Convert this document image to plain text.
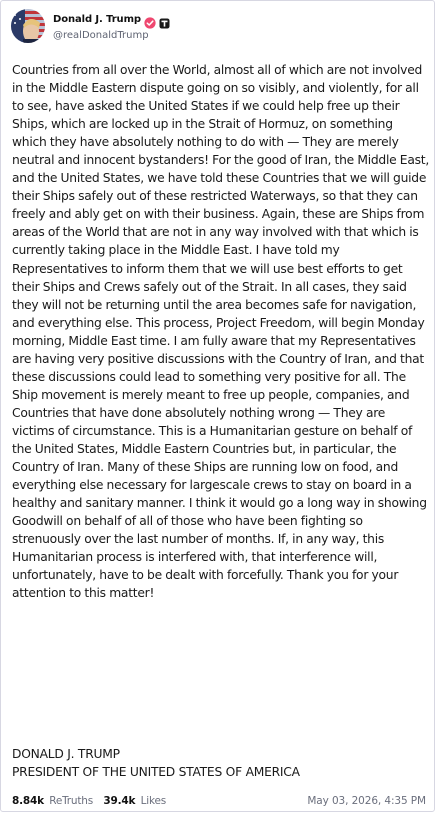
Donald J. Trump
@realDonaldTrump

Countries from all over the World, almost all of which are not involved in the Middle Eastern dispute going on so visibly, and violently, for all to see, have asked the United States if we could help free up their Ships, which are locked up in the Strait of Hormuz, on something which they have absolutely nothing to do with — They are merely neutral and innocent bystanders! For the good of Iran, the Middle East, and the United States, we have told these Countries that we will guide their Ships safely out of these restricted Waterways, so that they can freely and ably get on with their business. Again, these are Ships from areas of the World that are not in any way involved with that which is currently taking place in the Middle East. I have told my Representatives to inform them that we will use best efforts to get their Ships and Crews safely out of the Strait. In all cases, they said they will not be returning until the area becomes safe for navigation, and everything else. This process, Project Freedom, will begin Monday morning, Middle East time. I am fully aware that my Representatives are having very positive discussions with the Country of Iran, and that these discussions could lead to something very positive for all. The Ship movement is merely meant to free up people, companies, and Countries that have done absolutely nothing wrong — They are victims of circumstance. This is a Humanitarian gesture on behalf of the United States, Middle Eastern Countries but, in particular, the Country of Iran. Many of these Ships are running low on food, and everything else necessary for largescale crews to stay on board in a healthy and sanitary manner. I think it would go a long way in showing Goodwill on behalf of all of those who have been fighting so strenuously over the last number of months. If, in any way, this Humanitarian process is interfered with, that interference will, unfortunately, have to be dealt with forcefully. Thank you for your attention to this matter!

DONALD J. TRUMP
PRESIDENT OF THE UNITED STATES OF AMERICA
8.84k ReTruths 39.4k Likes	May 03, 2026, 4:35 PM
